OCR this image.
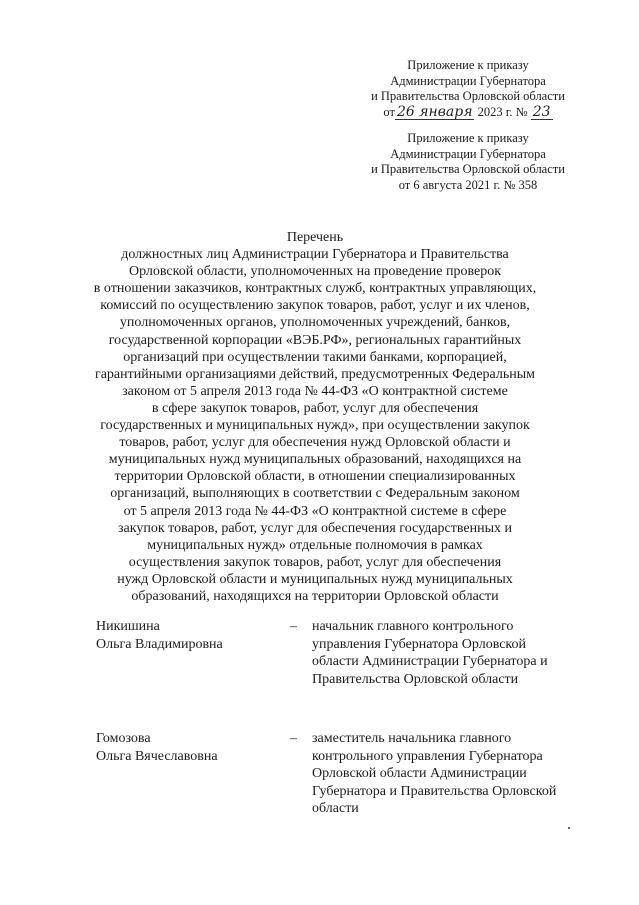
Приложение к приказу
Администрации Губернатора
и Правительства Орловской области
от 26 января 2023 г. № 23
Приложение к приказу
Администрации Губернатора
и Правительства Орловской области
от 6 августа 2021 г. № 358
Перечень
должностных лиц Администрации Губернатора и Правительства
Орловской области, уполномоченных на проведение проверок
в отношении заказчиков, контрактных служб, контрактных управляющих,
комиссий по осуществлению закупок товаров, работ, услуг и их членов,
уполномоченных органов, уполномоченных учреждений, банков,
государственной корпорации «ВЭБ.РФ», региональных гарантийных
организаций при осуществлении такими банками, корпорацией,
гарантийными организациями действий, предусмотренных Федеральным
законом от 5 апреля 2013 года № 44-ФЗ «О контрактной системе
в сфере закупок товаров, работ, услуг для обеспечения
государственных и муниципальных нужд», при осуществлении закупок
товаров, работ, услуг для обеспечения нужд Орловской области и
муниципальных нужд муниципальных образований, находящихся на
территории Орловской области, в отношении специализированных
организаций, выполняющих в соответствии с Федеральным законом
от 5 апреля 2013 года № 44-ФЗ «О контрактной системе в сфере
закупок товаров, работ, услуг для обеспечения государственных и
муниципальных нужд» отдельные полномочия в рамках
осуществления закупок товаров, работ, услуг для обеспечения
нужд Орловской области и муниципальных нужд муниципальных
образований, находящихся на территории Орловской области
Никишина
Ольга Владимировна
– начальник главного контрольного
управления Губернатора Орловской
области Администрации Губернатора и
Правительства Орловской области
Гомозова
Ольга Вячеславовна
– заместитель начальника главного
контрольного управления Губернатора
Орловской области Администрации
Губернатора и Правительства Орловской
области
